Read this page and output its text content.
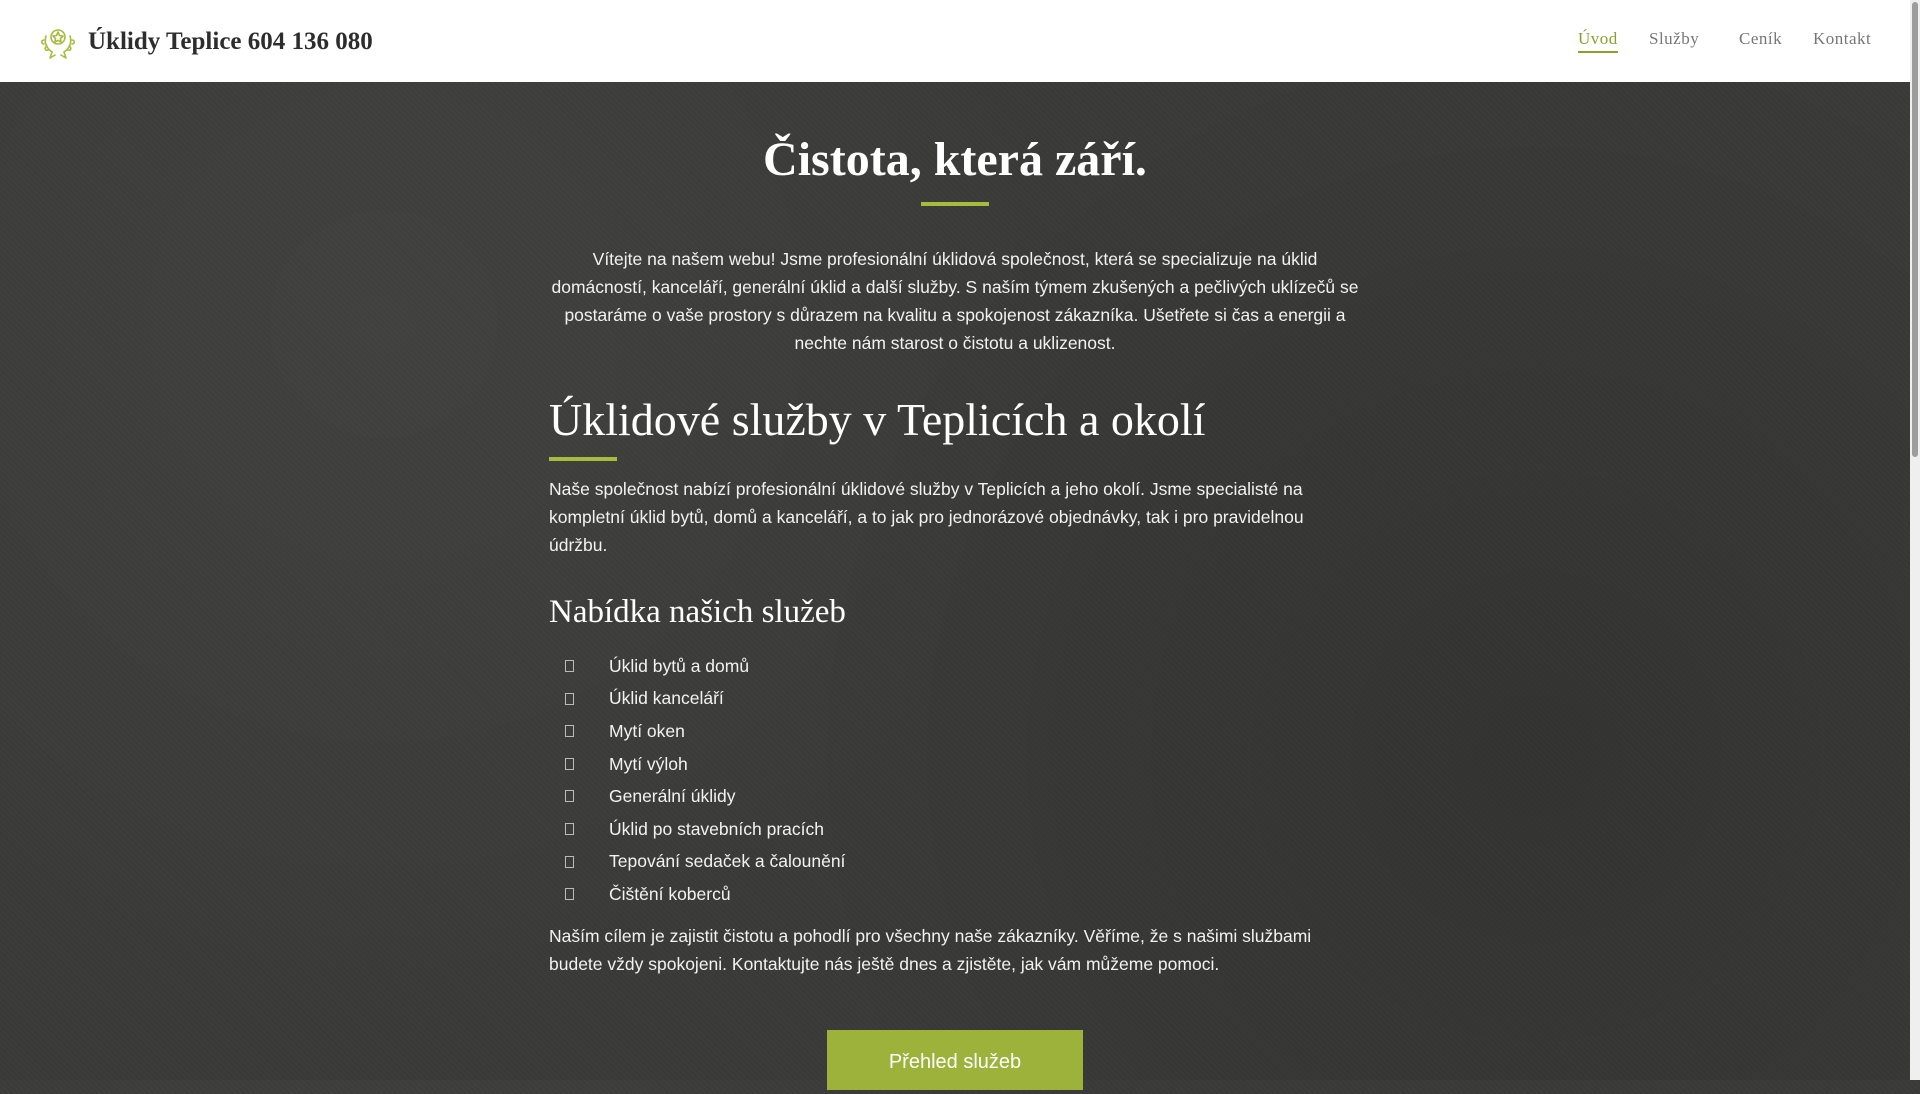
Úklidy Teplice 604 136 080	Úvod Služby Ceník Kontakt
Čistota, která září.

Vítejte na našem webu! Jsme profesionální úklidová společnost, která se specializuje na úklid domácností, kanceláří, generální úklid a další služby. S naším týmem zkušených a pečlivých uklízečů se postaráme o vaše prostory s důrazem na kvalitu a spokojenost zákazníka. Ušetřete si čas a energii a nechte nám starost o čistotu a uklizenost.

Úklidové služby v Teplicích a okolí

Naše společnost nabízí profesionální úklidové služby v Teplicích a jeho okolí. Jsme specialisté na kompletní úklid bytů, domů a kanceláří, a to jak pro jednorázové objednávky, tak i pro pravidelnou údržbu.

Nabídka našich služeb
Úklid bytů a domů
Úklid kanceláří
Mytí oken
Mytí výloh
Generální úklidy
Úklid po stavebních pracích
Tepování sedaček a čalounění
Čištění koberců

Naším cílem je zajistit čistotu a pohodlí pro všechny naše zákazníky. Věříme, že s našimi službami budete vždy spokojeni. Kontaktujte nás ještě dnes a zjistěte, jak vám můžeme pomoci.

Přehled služeb
